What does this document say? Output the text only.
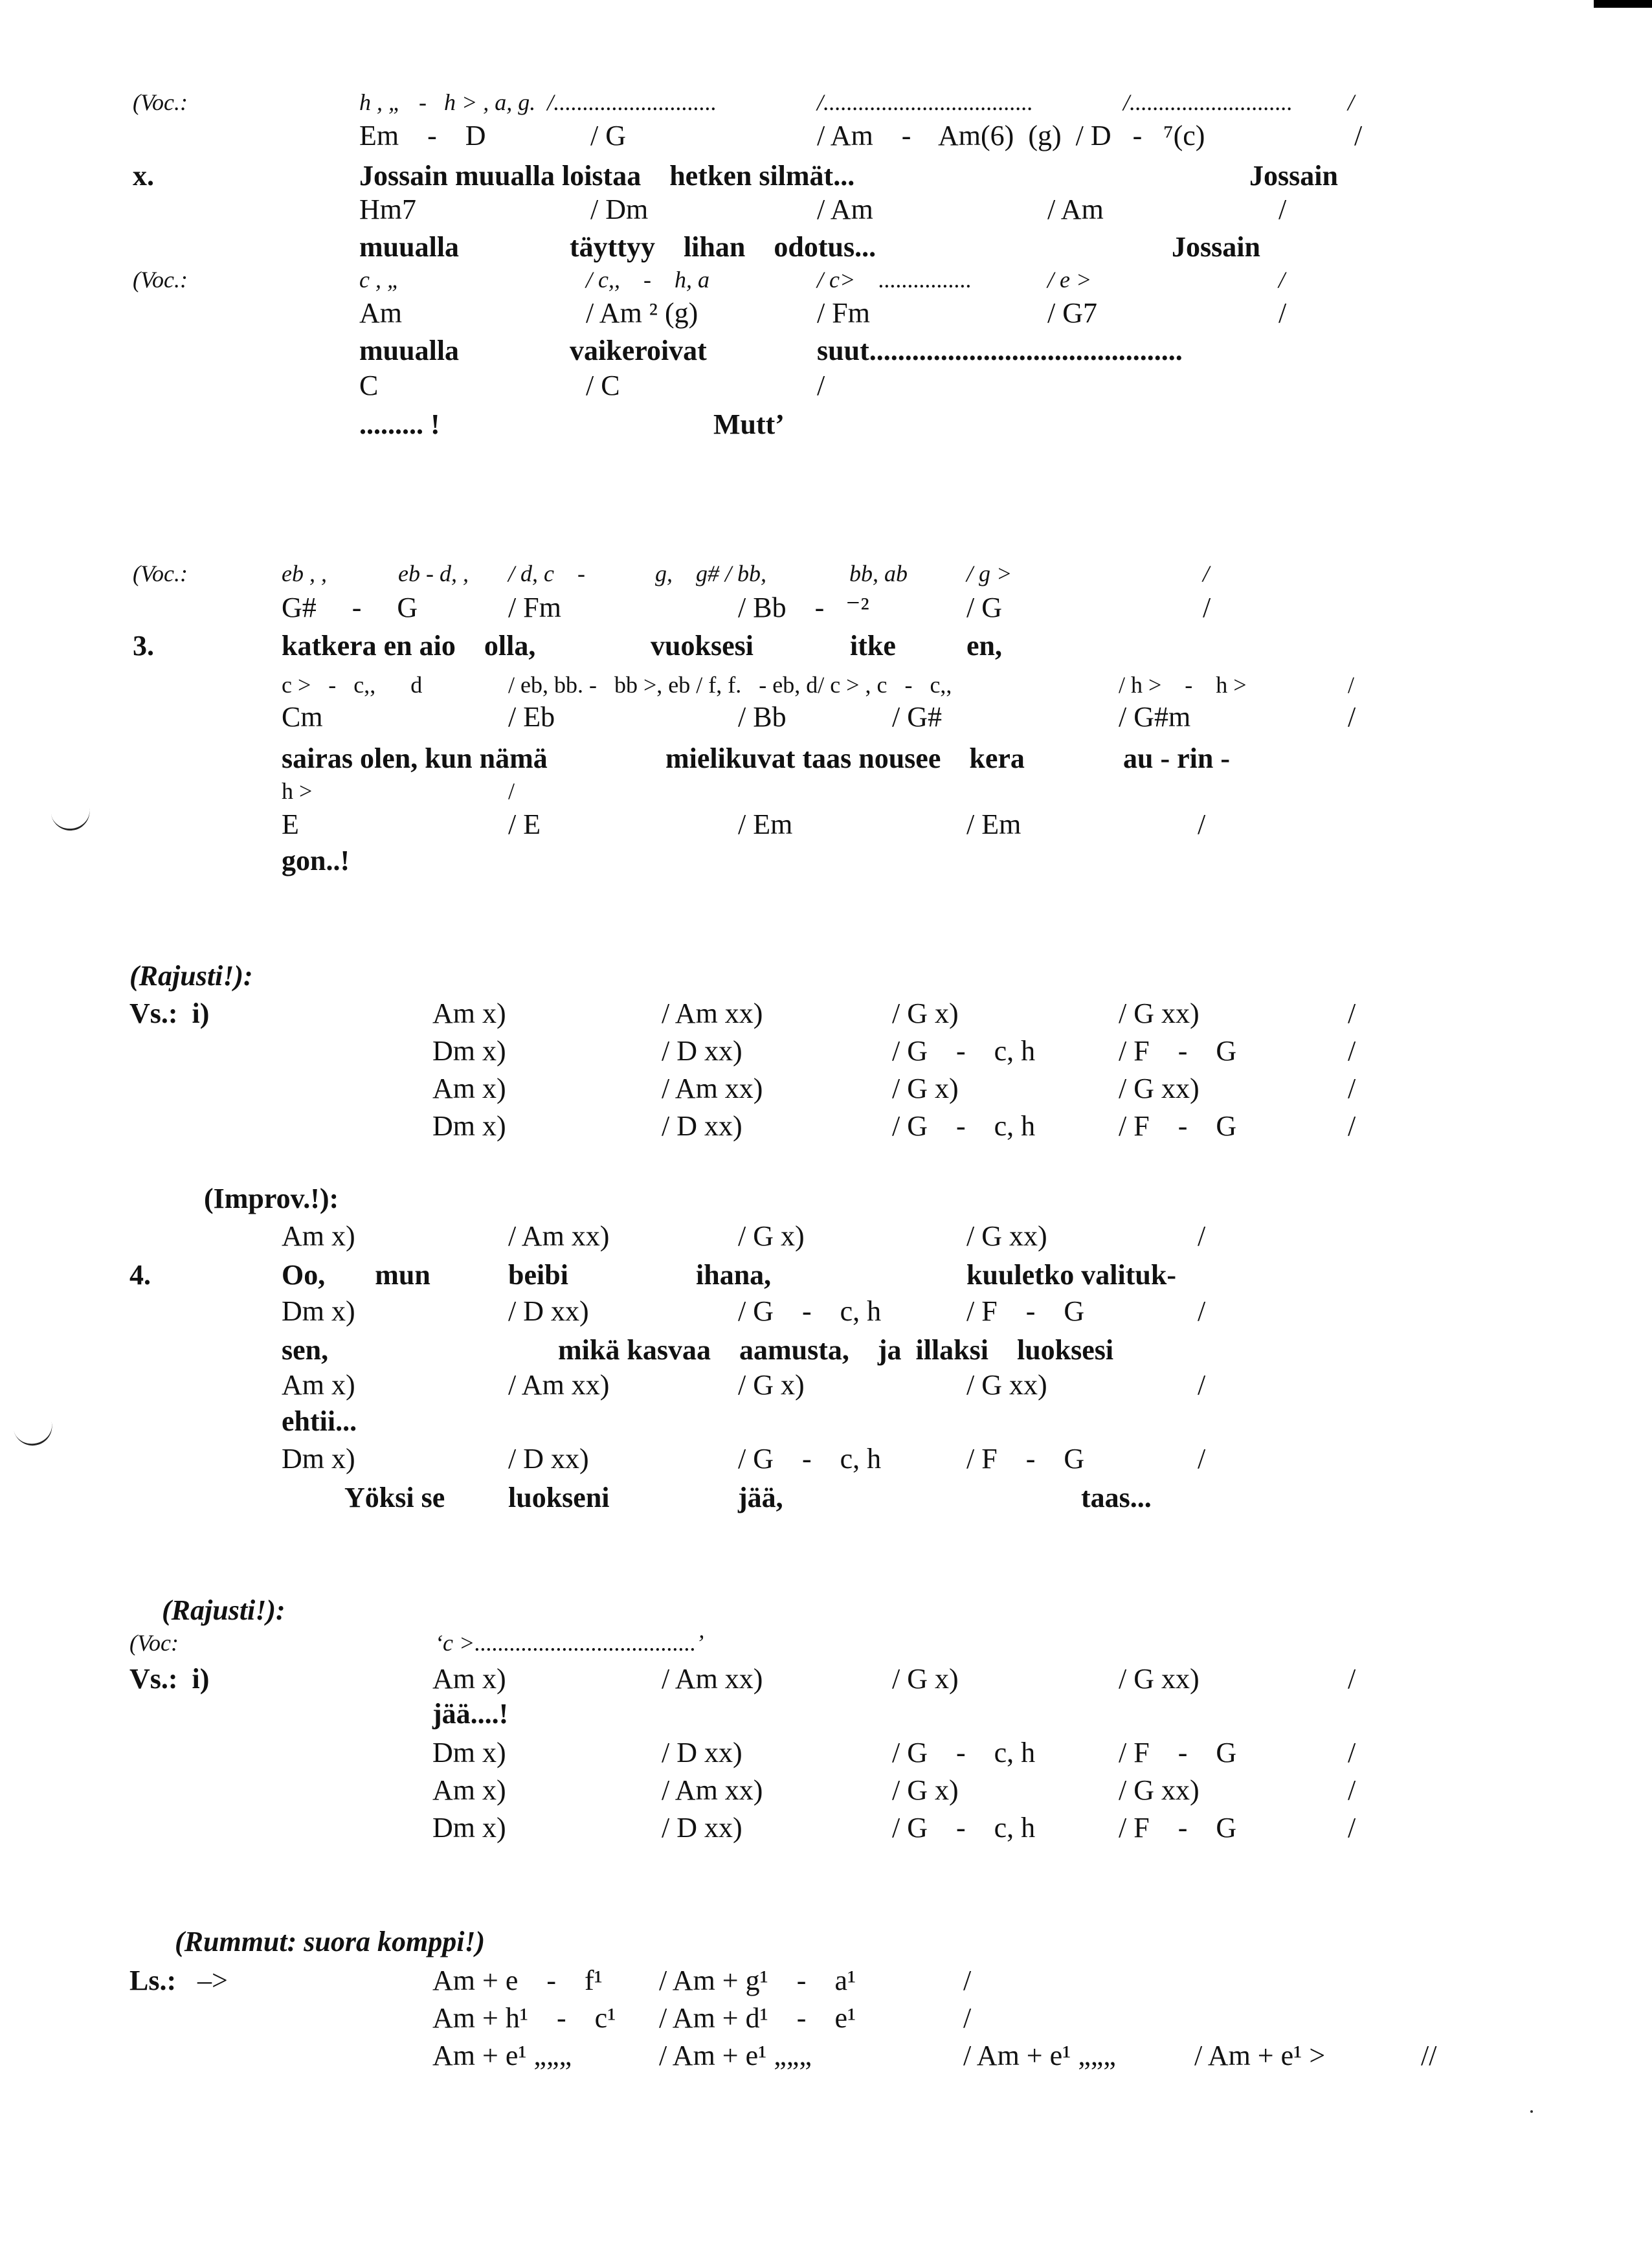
(Voc.:	h , „   -   h > , a, g.  /............................	/....................................	/............................ /
Em    -    D	/ G	/ Am    -    Am(6)  (g)  / D   -   ⁷(c)	/
x.	Jossain muualla loistaa    hetken silmät...	Jossain
Hm7	/ Dm	/ Am	/ Am	/
muualla	täyttyy    lihan    odotus...	Jossain
(Voc.:	c , „	/ c,,    -    h, a	/ c>    ................	/ e >	/
Am	/ Am ² (g)	/ Fm	/ G7	/
muualla	vaikeroivat	suut............................................
C	/ C	/
......... !	Mutt’
(Voc.:	eb , ,	eb - d, , / d, c    -	g,    g# / bb,	bb, ab	/ g >	/
G#     -     G	/ Fm	/ Bb    -   ⁻²	/ G	/
3.	katkera en aio    olla,	vuoksesi	itke en,
c >   -   c,,      d	/ eb, bb. -   bb >, eb / f, f.   - eb, d/ c > , c   -   c,,	/ h >    -    h >	/
Cm	/ Eb	/ Bb	/ G#	/ G#m	/
sairas olen, kun nämä	mielikuvat taas nousee    kera	au - rin -
h >	/
E	/ E	/ Em	/ Em	/
gon..!
(Rajusti!):
Vs.:  i)	Am x)	/ Am xx)	/ G x)	/ G xx)	/
Dm x)	/ D xx)	/ G    -    c, h	/ F    -    G	/
Am x)	/ Am xx)	/ G x)	/ G xx)	/
Dm x)	/ D xx)	/ G    -    c, h	/ F    -    G	/
(Improv.!):
Am x)	/ Am xx)	/ G x)	/ G xx)	/
4.	Oo,       mun	beibi	ihana,	kuuletko valituk-
Dm x)	/ D xx)	/ G    -    c, h	/ F    -    G	/
sen,	mikä kasvaa    aamusta,    ja  illaksi    luoksesi
Am x)	/ Am xx)	/ G x)	/ G xx)	/
ehtii...
Dm x)	/ D xx)	/ G    -    c, h	/ F    -    G	/
Yöksi se luokseni	jää,	taas...
(Rajusti!):
(Voc:	‘c >......................................’
Vs.:  i)	Am x)	/ Am xx)	/ G x)	/ G xx)	/
jää....!
Dm x)	/ D xx)	/ G    -    c, h	/ F    -    G	/
Am x)	/ Am xx)	/ G x)	/ G xx)	/
Dm x)	/ D xx)	/ G    -    c, h	/ F    -    G	/
(Rummut: suora komppi!)
Ls.: –>	Am + e    -    f¹ / Am + g¹    -    a¹	/
Am + h¹    -    c¹ / Am + d¹    -    e¹	/
Am + e¹ „„„	/ Am + e¹ „„„	/ Am + e¹ „„„	/ Am + e¹ >	//
